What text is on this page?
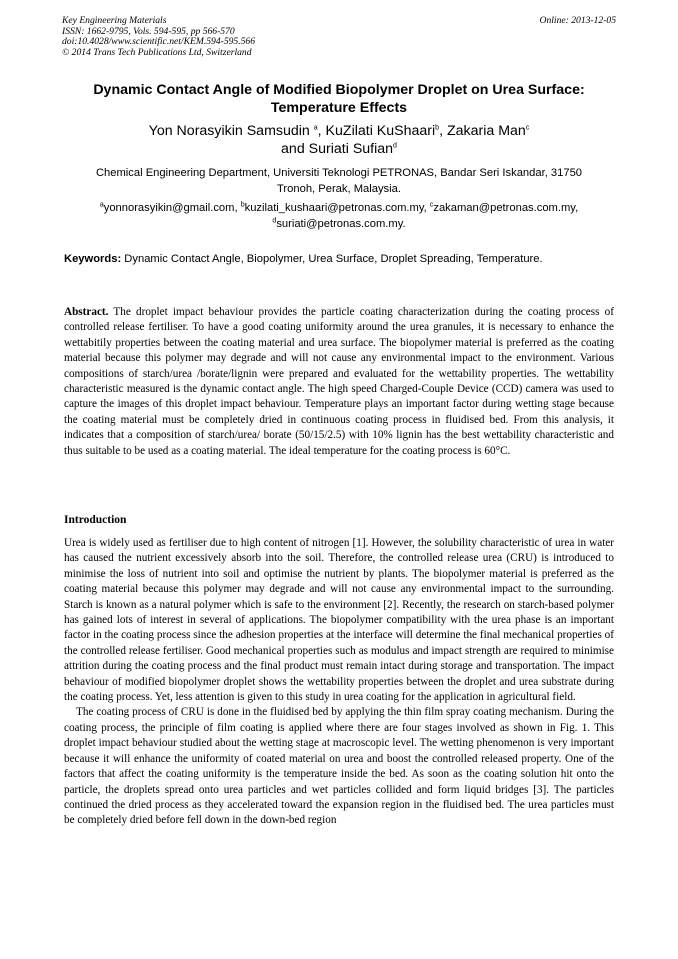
Key Engineering Materials
ISSN: 1662-9795, Vols. 594-595, pp 566-570
doi:10.4028/www.scientific.net/KEM.594-595.566
© 2014 Trans Tech Publications Ltd, Switzerland
Online: 2013-12-05
Dynamic Contact Angle of Modified Biopolymer Droplet on Urea Surface:
Temperature Effects
Yon Norasyikin Samsudin $^a$, KuZilati KuShaari$^b$, Zakaria Man$^c$
and Suriati Sufian$^d$
Chemical Engineering Department, Universiti Teknologi PETRONAS, Bandar Seri Iskandar, 31750
Tronoh, Perak, Malaysia.
$^a$yonnorasyikin@gmail.com, $^b$kuzilati_kushaari@petronas.com.my, $^c$zakaman@petronas.com.my,
$^d$suriati@petronas.com.my.
Keywords: Dynamic Contact Angle, Biopolymer, Urea Surface, Droplet Spreading, Temperature.
Abstract. The droplet impact behaviour provides the particle coating characterization during the coating process of controlled release fertiliser. To have a good coating uniformity around the urea granules, it is necessary to enhance the wettabitily properties between the coating material and urea surface. The biopolymer material is preferred as the coating material because this polymer may degrade and will not cause any environmental impact to the environment. Various compositions of starch/urea /borate/lignin were prepared and evaluated for the wettability properties. The wettability characteristic measured is the dynamic contact angle. The high speed Charged-Couple Device (CCD) camera was used to capture the images of this droplet impact behaviour. Temperature plays an important factor during wetting stage because the coating material must be completely dried in continuous coating process in fluidised bed. From this analysis, it indicates that a composition of starch/urea/ borate (50/15/2.5) with 10% lignin has the best wettability characteristic and thus suitable to be used as a coating material. The ideal temperature for the coating process is 60°C.
Introduction

Urea is widely used as fertiliser due to high content of nitrogen [1]. However, the solubility characteristic of urea in water has caused the nutrient excessively absorb into the soil. Therefore, the controlled release urea (CRU) is introduced to minimise the loss of nutrient into soil and optimise the nutrient by plants. The biopolymer material is preferred as the coating material because this polymer may degrade and will not cause any environmental impact to the surrounding. Starch is known as a natural polymer which is safe to the environment [2]. Recently, the research on starch-based polymer has gained lots of interest in several of applications. The biopolymer compatibility with the urea phase is an important factor in the coating process since the adhesion properties at the interface will determine the final mechanical properties of the controlled release fertiliser. Good mechanical properties such as modulus and impact strength are required to minimise attrition during the coating process and the final product must remain intact during storage and transportation. The impact behaviour of modified biopolymer droplet shows the wettability properties between the droplet and urea substrate during the coating process. Yet, less attention is given to this study in urea coating for the application in agricultural field.

The coating process of CRU is done in the fluidised bed by applying the thin film spray coating mechanism. During the coating process, the principle of film coating is applied where there are four stages involved as shown in Fig. 1. This droplet impact behaviour studied about the wetting stage at macroscopic level. The wetting phenomenon is very important because it will enhance the uniformity of coated material on urea and boost the controlled released property. One of the factors that affect the coating uniformity is the temperature inside the bed. As soon as the coating solution hit onto the particle, the droplets spread onto urea particles and wet particles collided and form liquid bridges [3]. The particles continued the dried process as they accelerated toward the expansion region in the fluidised bed. The urea particles must be completely dried before fell down in the down-bed region
